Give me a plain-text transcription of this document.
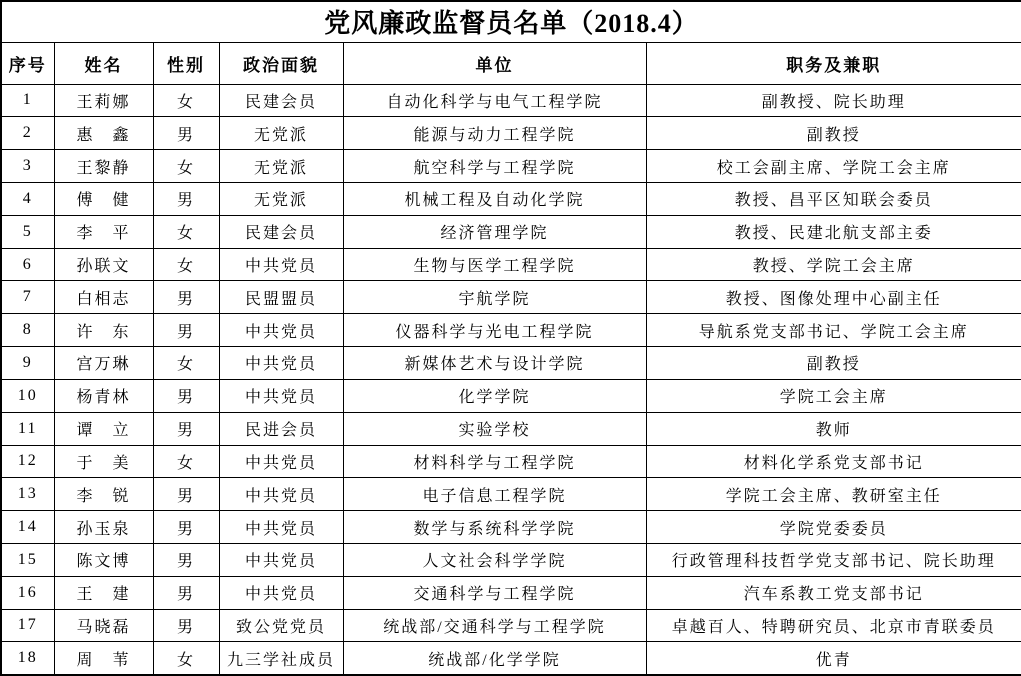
党风廉政监督员名单（2018.4）					
序号	姓名	性别	政治面貌	单位	职务及兼职
1	王莉娜	女	民建会员	自动化科学与电气工程学院	副教授、院长助理
2	惠　鑫	男	无党派	能源与动力工程学院	副教授
3	王黎静	女	无党派	航空科学与工程学院	校工会副主席、学院工会主席
4	傅　健	男	无党派	机械工程及自动化学院	教授、昌平区知联会委员
5	李　平	女	民建会员	经济管理学院	教授、民建北航支部主委
6	孙联文	女	中共党员	生物与医学工程学院	教授、学院工会主席
7	白相志	男	民盟盟员	宇航学院	教授、图像处理中心副主任
8	许　东	男	中共党员	仪器科学与光电工程学院	导航系党支部书记、学院工会主席
9	宫万琳	女	中共党员	新媒体艺术与设计学院	副教授
10	杨青林	男	中共党员	化学学院	学院工会主席
11	谭　立	男	民进会员	实验学校	教师
12	于　美	女	中共党员	材料科学与工程学院	材料化学系党支部书记
13	李　锐	男	中共党员	电子信息工程学院	学院工会主席、教研室主任
14	孙玉泉	男	中共党员	数学与系统科学学院	学院党委委员
15	陈文博	男	中共党员	人文社会科学学院	行政管理科技哲学党支部书记、院长助理
16	王　建	男	中共党员	交通科学与工程学院	汽车系教工党支部书记
17	马晓磊	男	致公党党员	统战部/交通科学与工程学院	卓越百人、特聘研究员、北京市青联委员
18	周　苇	女	九三学社成员	统战部/化学学院	优青
